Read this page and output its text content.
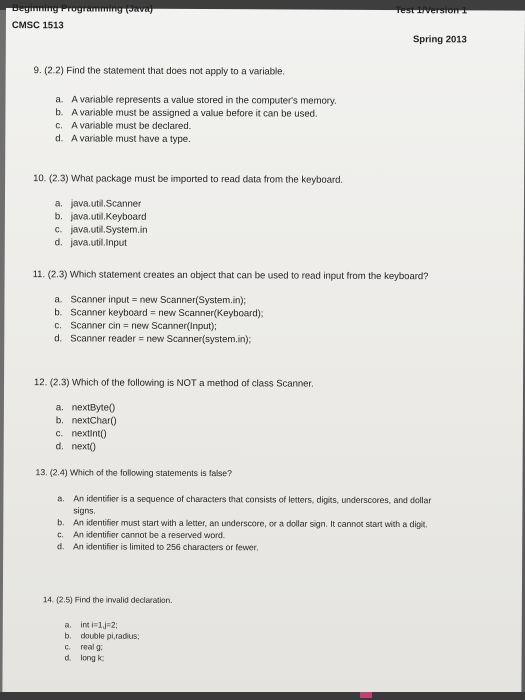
Beginning Programming (Java)
CMSC 1513
Test 1/Version 1
Spring 2013
9. (2.2) Find the statement that does not apply to a variable.
a. A variable represents a value stored in the computer's memory.
b. A variable must be assigned a value before it can be used.
c. A variable must be declared.
d. A variable must have a type.
10. (2.3) What package must be imported to read data from the keyboard.
a. java.util.Scanner
b. java.util.Keyboard
c. java.util.System.in
d. java.util.Input
11. (2.3) Which statement creates an object that can be used to read input from the keyboard?
a. Scanner input = new Scanner(System.in);
b. Scanner keyboard = new Scanner(Keyboard);
c. Scanner cin = new Scanner(Input);
d. Scanner reader = new Scanner(system.in);
12. (2.3) Which of the following is NOT a method of class Scanner.
a. nextByte()
b. nextChar()
c. nextInt()
d. next()
13. (2.4) Which of the following statements is false?
a.	An identifier is a sequence of characters that consists of letters, digits, underscores, and dollar signs.
b.	An identifier must start with a letter, an underscore, or a dollar sign. It cannot start with a digit.
c.	An identifier cannot be a reserved word.
d.	An identifier is limited to 256 characters or fewer.
14. (2.5) Find the invalid declaration.
a.	int i=1,j=2;
b.	double pi,radius;
c.	real g;
d.	long k;
